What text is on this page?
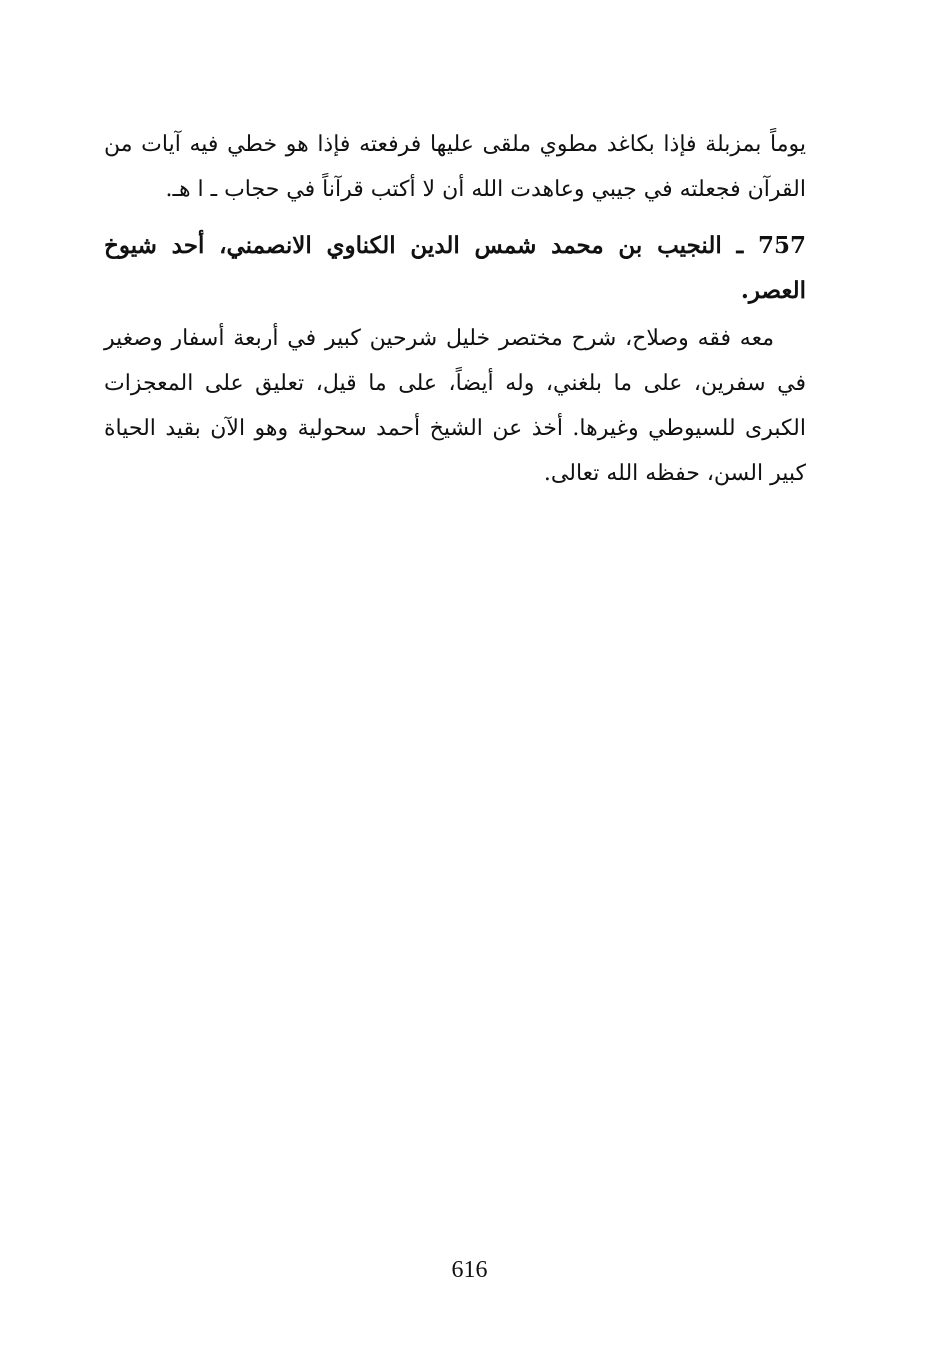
يوماً بمزبلة فإذا بكاغد مطوي ملقى عليها فرفعته فإذا هو خطي فيه آيات من القرآن فجعلته في جيبي وعاهدت الله أن لا أكتب قرآناً في حجاب ـ ا هـ.

757 ـ النجيب بن محمد شمس الدين الكناوي الانصمني، أحد شيوخ العصر.

معه فقه وصلاح، شرح مختصر خليل شرحين كبير في أربعة أسفار وصغير في سفرين، على ما بلغني، وله أيضاً، على ما قيل، تعليق على المعجزات الكبرى للسيوطي وغيرها. أخذ عن الشيخ أحمد سحولية وهو الآن بقيد الحياة كبير السن، حفظه الله تعالى.

616
